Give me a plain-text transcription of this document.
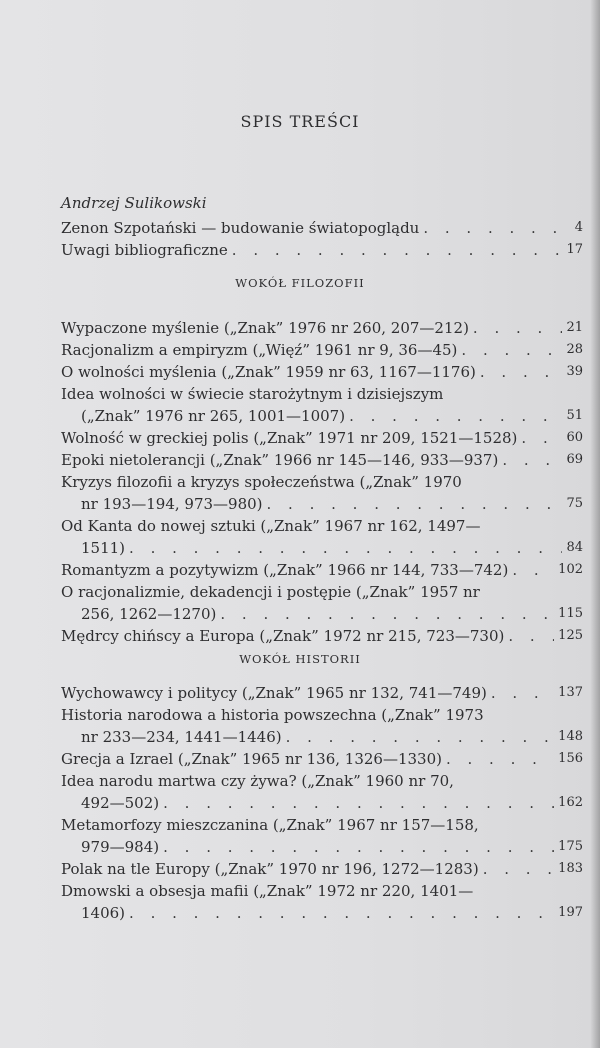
SPIS TREŚCI
Andrzej Sulikowski
Zenon Szpotański — budowanie światopoglądu . . .	4
Uwagi bibliograficzne . . .	17
WOKÓŁ FILOZOFII
Wypaczone myślenie („Znak” 1976 nr 260, 207—212) . . .	21
Racjonalizm a empiryzm („Więź” 1961 nr 9, 36—45) . . .	28
O wolności myślenia („Znak” 1959 nr 63, 1167—1176) . . .	39
Idea wolności w świecie starożytnym i dzisiejszym
(„Znak” 1976 nr 265, 1001—1007) . . .	51
Wolność w greckiej polis („Znak” 1971 nr 209, 1521—1528) . . .	60
Epoki nietolerancji („Znak” 1966 nr 145—146, 933—937) . . .	69
Kryzys filozofii a kryzys społeczeństwa („Znak” 1970
nr 193—194, 973—980) . . .	75
Od Kanta do nowej sztuki („Znak” 1967 nr 162, 1497—
1511) . . .	84
Romantyzm a pozytywizm („Znak” 1966 nr 144, 733—742) . . .	102
O racjonalizmie, dekadencji i postępie („Znak” 1957 nr
256, 1262—1270) . . .	115
Mędrcy chińscy a Europa („Znak” 1972 nr 215, 723—730) . . .	125
WOKÓŁ HISTORII
Wychowawcy i politycy („Znak” 1965 nr 132, 741—749) . . .	137
Historia narodowa a historia powszechna („Znak” 1973
nr 233—234, 1441—1446) . . .	148
Grecja a Izrael („Znak” 1965 nr 136, 1326—1330) . . .	156
Idea narodu martwa czy żywa? („Znak” 1960 nr 70,
492—502) . . .	162
Metamorfozy mieszczanina („Znak” 1967 nr 157—158,
979—984) . . .	175
Polak na tle Europy („Znak” 1970 nr 196, 1272—1283) . . .	183
Dmowski a obsesja mafii („Znak” 1972 nr 220, 1401—
1406) . . .	197
